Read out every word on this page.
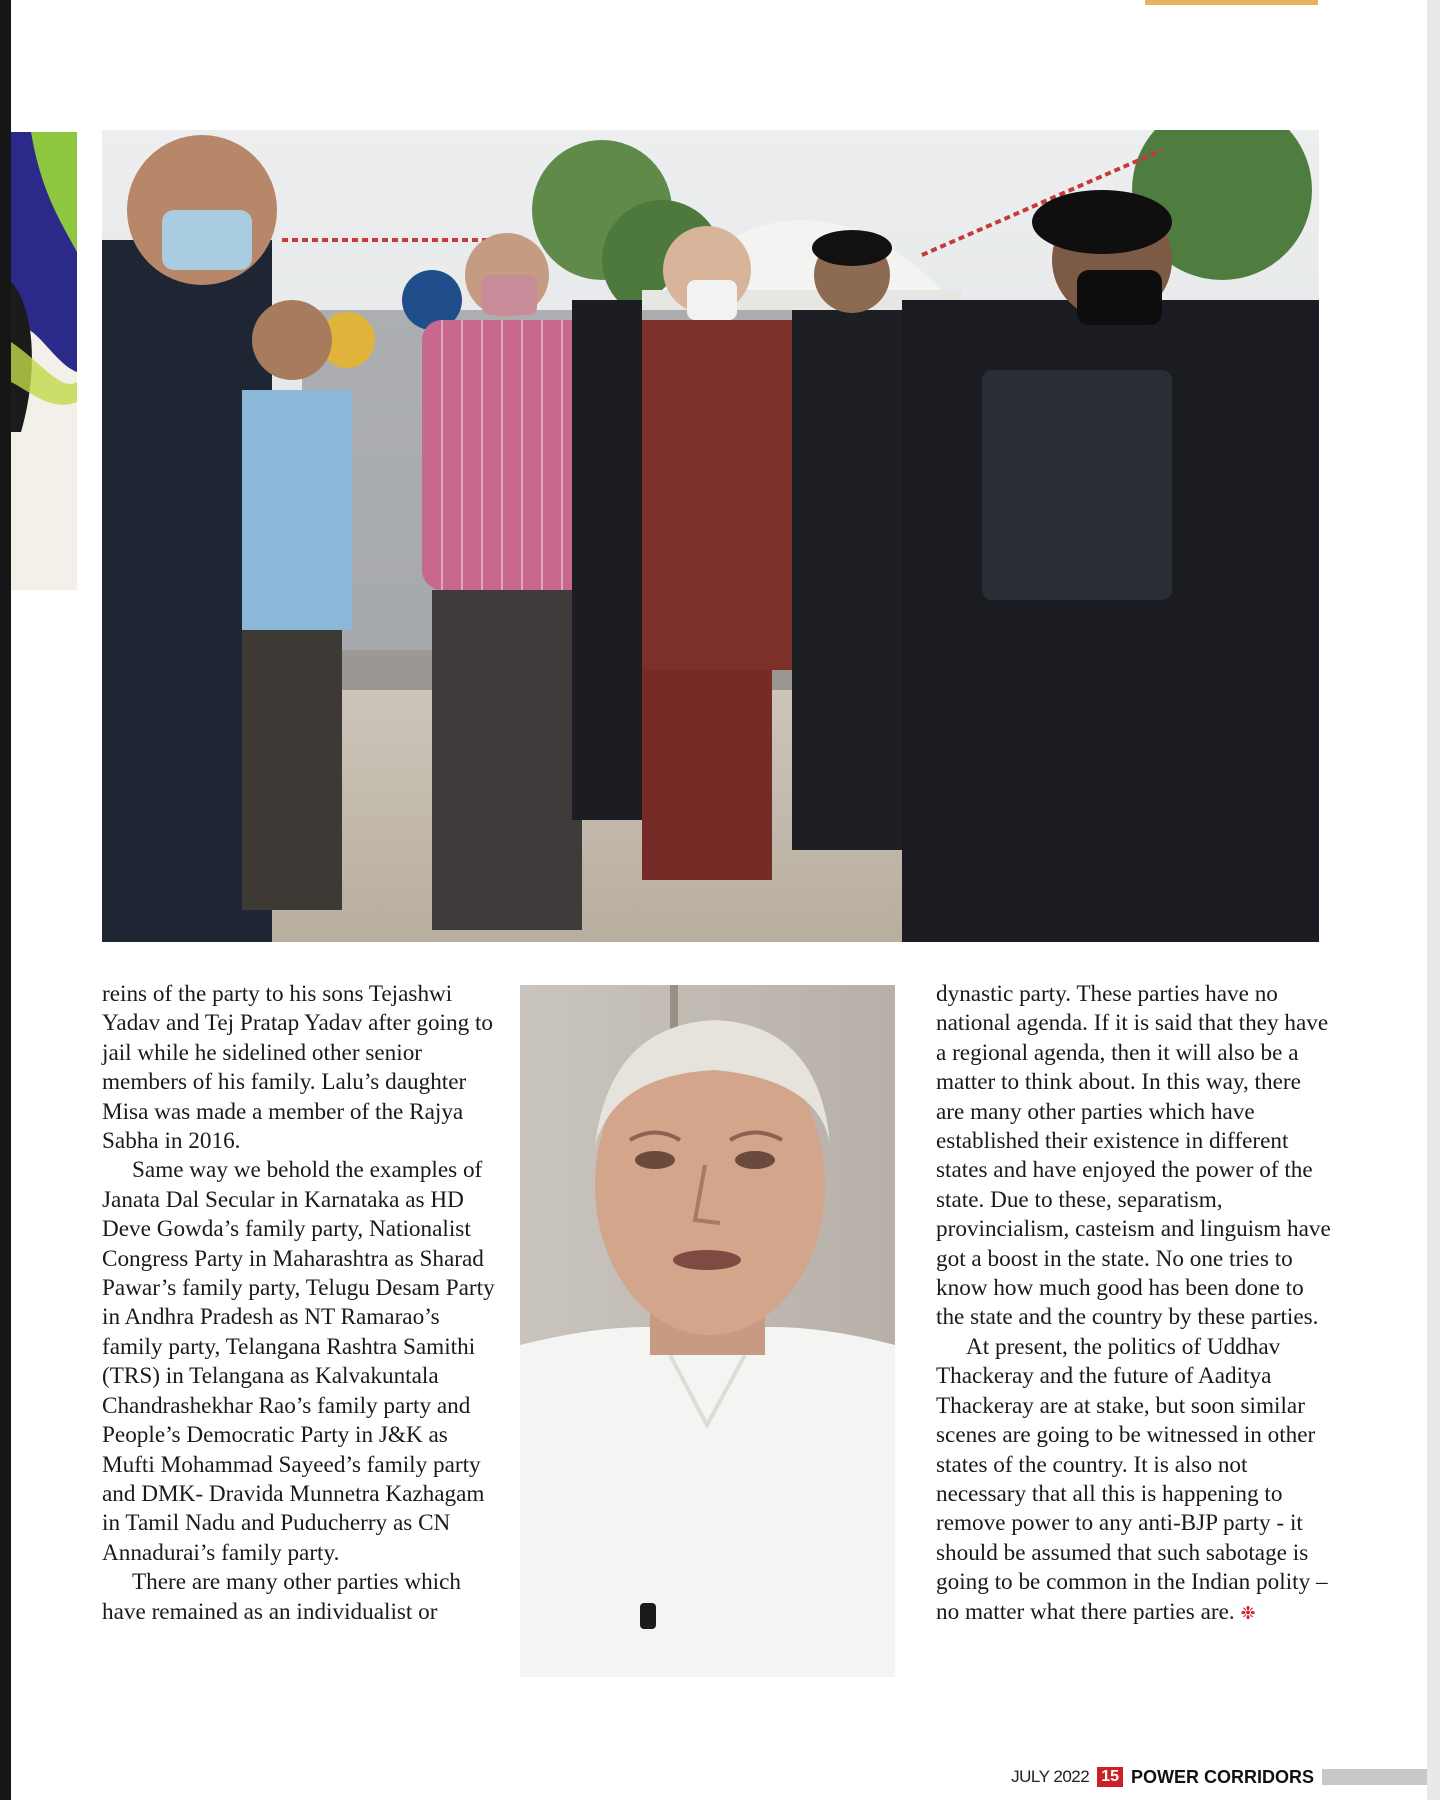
reins of the party to his sons Tejashwi Yadav and Tej Pratap Yadav after going to jail while he sidelined other senior members of his family. Lalu’s daughter Misa was made a member of the Rajya Sabha in 2016.

Same way we behold the examples of Janata Dal Secular in Karnataka as HD Deve Gowda’s family party, Nationalist Congress Party in Maharashtra as Sharad Pawar’s family party, Telugu Desam Party in Andhra Pradesh as NT Ramarao’s family party, Telangana Rashtra Samithi (TRS) in Telangana as Kalvakuntala Chandrashekhar Rao’s family party and People’s Democratic Party in J&K as Mufti Mohammad Sayeed’s family party and DMK- Dravida Munnetra Kazhagam in Tamil Nadu and Puducherry as CN Annadurai’s family party.

There are many other parties which have remained as an individualist or

dynastic party. These parties have no national agenda. If it is said that they have a regional agenda, then it will also be a matter to think about. In this way, there are many other parties which have established their existence in different states and have enjoyed the power of the state. Due to these, separatism, provincialism, casteism and linguism have got a boost in the state. No one tries to know how much good has been done to the state and the country by these parties.

At present, the politics of Uddhav Thackeray and the future of Aaditya Thackeray are at stake, but soon similar scenes are going to be witnessed in other states of the country. It is also not necessary that all this is happening to remove power to any anti-BJP party - it should be assumed that such sabotage is going to be common in the Indian polity – no matter what there parties are. ❉

JULY 2022 15 POWER CORRIDORS
